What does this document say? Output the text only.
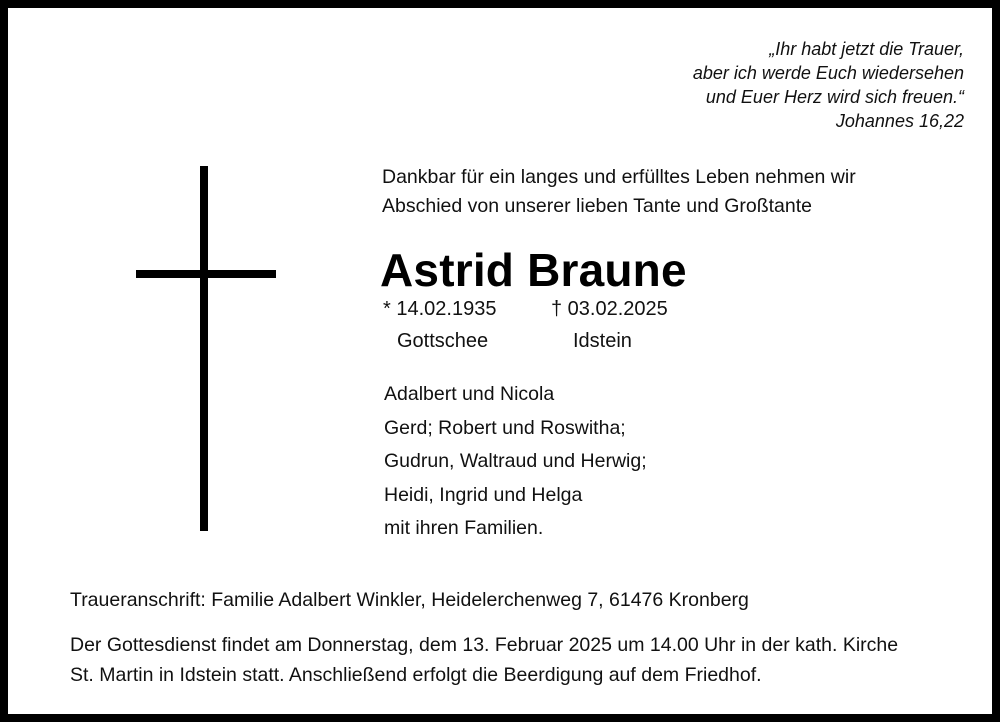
„Ihr habt jetzt die Trauer,
aber ich werde Euch wiedersehen
und Euer Herz wird sich freuen.“
Johannes 16,22
Dankbar für ein langes und erfülltes Leben nehmen wir
Abschied von unserer lieben Tante und Großtante
Astrid Braune
* 14.02.1935	† 03.02.2025
Gottschee	Idstein
Adalbert und Nicola
Gerd; Robert und Roswitha;
Gudrun, Waltraud und Herwig;
Heidi, Ingrid und Helga
mit ihren Familien.
Traueranschrift: Familie Adalbert Winkler, Heidelerchenweg 7, 61476 Kronberg
Der Gottesdienst findet am Donnerstag, dem 13. Februar 2025 um 14.00 Uhr in der kath. Kirche
St. Martin in Idstein statt. Anschließend erfolgt die Beerdigung auf dem Friedhof.
